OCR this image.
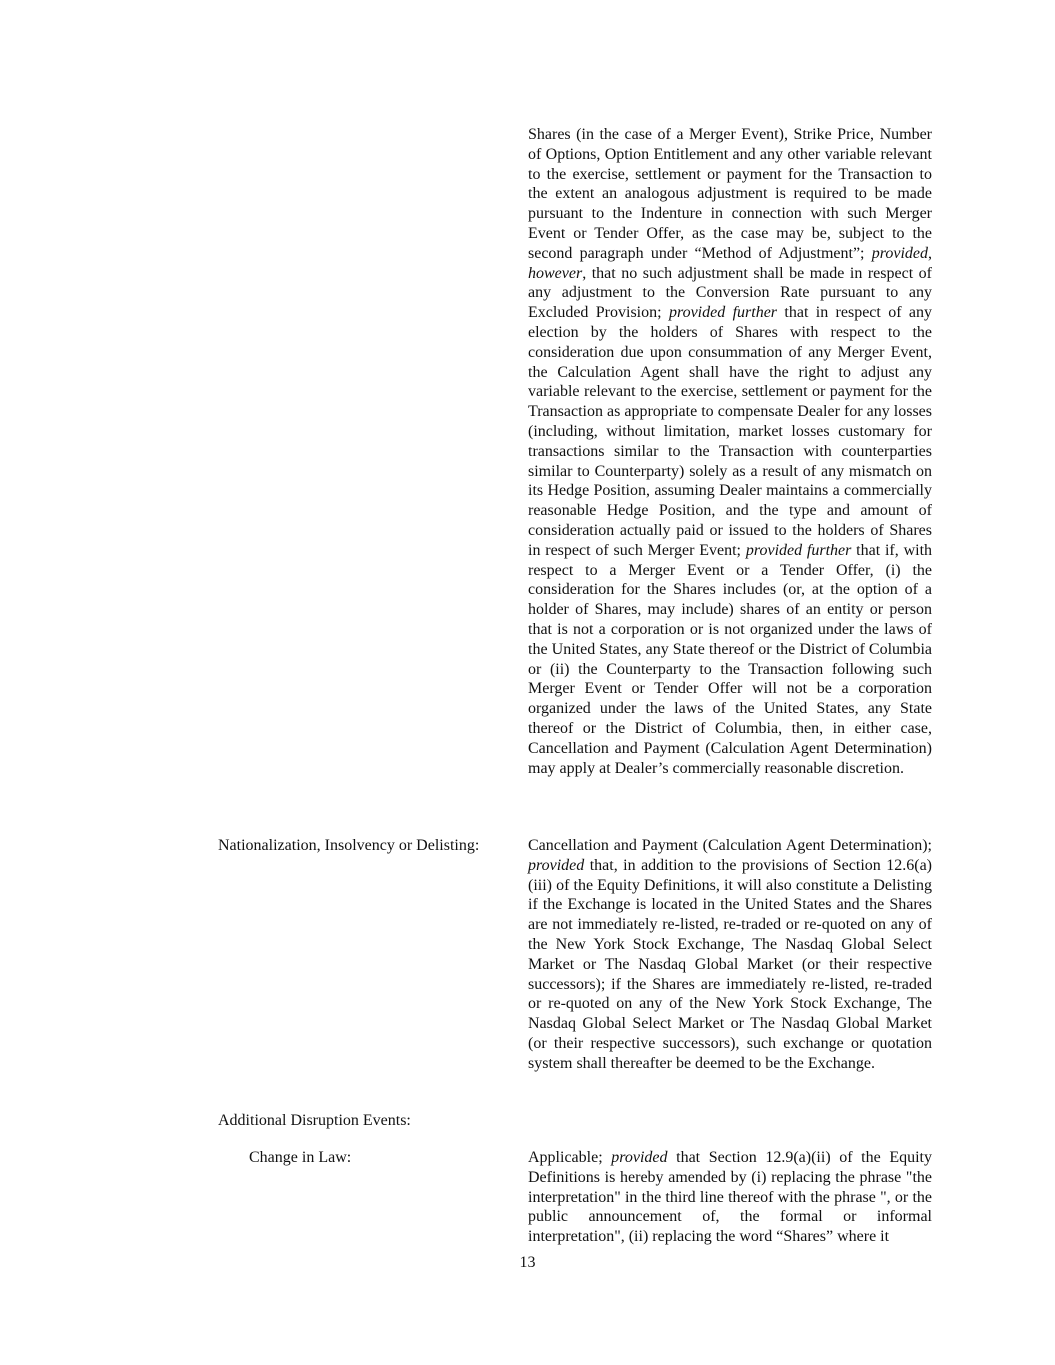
Shares (in the case of a Merger Event), Strike Price, Number of Options, Option Entitlement and any other variable relevant to the exercise, settlement or payment for the Transaction to the extent an analogous adjustment is required to be made pursuant to the Indenture in connection with such Merger Event or Tender Offer, as the case may be, subject to the second paragraph under “Method of Adjustment”; provided, however, that no such adjustment shall be made in respect of any adjustment to the Conversion Rate pursuant to any Excluded Provision; provided further that in respect of any election by the holders of Shares with respect to the consideration due upon consummation of any Merger Event, the Calculation Agent shall have the right to adjust any variable relevant to the exercise, settlement or payment for the Transaction as appropriate to compensate Dealer for any losses (including, without limitation, market losses customary for transactions similar to the Transaction with counterparties similar to Counterparty) solely as a result of any mismatch on its Hedge Position, assuming Dealer maintains a commercially reasonable Hedge Position, and the type and amount of consideration actually paid or issued to the holders of Shares in respect of such Merger Event; provided further that if, with respect to a Merger Event or a Tender Offer, (i) the consideration for the Shares includes (or, at the option of a holder of Shares, may include) shares of an entity or person that is not a corporation or is not organized under the laws of the United States, any State thereof or the District of Columbia or (ii) the Counterparty to the Transaction following such Merger Event or Tender Offer will not be a corporation organized under the laws of the United States, any State thereof or the District of Columbia, then, in either case, Cancellation and Payment (Calculation Agent Determination) may apply at Dealer’s commercially reasonable discretion.

Nationalization, Insolvency or Delisting:	Cancellation and Payment (Calculation Agent Determination); provided that, in addition to the provisions of Section 12.6(a)(iii) of the Equity Definitions, it will also constitute a Delisting if the Exchange is located in the United States and the Shares are not immediately re-listed, re-traded or re-quoted on any of the New York Stock Exchange, The Nasdaq Global Select Market or The Nasdaq Global Market (or their respective successors); if the Shares are immediately re-listed, re-traded or re-quoted on any of the New York Stock Exchange, The Nasdaq Global Select Market or The Nasdaq Global Market (or their respective successors), such exchange or quotation system shall thereafter be deemed to be the Exchange.

Additional Disruption Events:
Change in Law:	Applicable; provided that Section 12.9(a)(ii) of the Equity Definitions is hereby amended by (i) replacing the phrase "the interpretation" in the third line thereof with the phrase ", or the public announcement of, the formal or informal interpretation", (ii) replacing the word “Shares” where it

13
